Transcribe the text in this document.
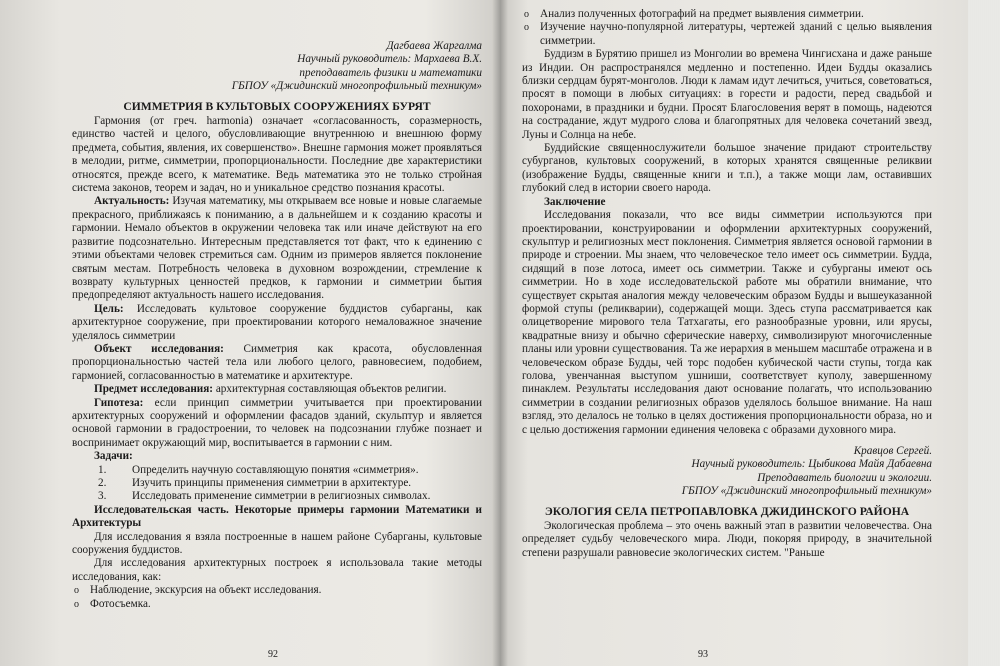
Дагбаева Жаргалма

Научный руководитель: Мархаева В.Х.

преподаватель физики и математики

ГБПОУ «Джидинский многопрофильный техникум»

СИММЕТРИЯ В КУЛЬТОВЫХ СООРУЖЕНИЯХ БУРЯТ

Гармония (от греч. harmonia) означает «согласованность, соразмерность, единство частей и целого, обусловливающие внутреннюю и внешнюю форму предмета, события, явления, их совершенство». Внешне гармония может проявляться в мелодии, ритме, симметрии, пропорциональности. Последние две характеристики относятся, прежде всего, к математике. Ведь математика это не только стройная система законов, теорем и задач, но и уникальное средство познания красоты.

Актуальность: Изучая математику, мы открываем все новые и новые слагаемые прекрасного, приближаясь к пониманию, а в дальнейшем и к созданию красоты и гармонии. Немало объектов в окружении человека так или иначе действуют на его развитие подсознательно. Интересным представляется тот факт, что к единению с этими объектами человек стремиться сам. Одним из примеров является поклонение святым местам. Потребность человека в духовном возрождении, стремление к возврату культурных ценностей предков, к гармонии и симметрии бытия предопределяют актуальность нашего исследования.

Цель: Исследовать культовое сооружение буддистов субарганы, как архитектурное сооружение, при проектировании которого немаловажное значение уделялось симметрии

Объект исследования: Симметрия как красота, обусловленная пропорциональностью частей тела или любого целого, равновесием, подобием, гармонией, согласованностью в математике и архитектуре.

Предмет исследования: архитектурная составляющая объектов религии.

Гипотеза: если принцип симметрии учитывается при проектировании архитектурных сооружений и оформлении фасадов зданий, скульптур и является основой гармонии в градостроении, то человек на подсознании глубже познает и воспринимает окружающий мир, воспитывается в гармонии с ним.

Задачи:

1. Определить научную составляющую понятия «симметрия».
2. Изучить принципы применения симметрии в архитектуре.
3. Исследовать применение симметрии в религиозных символах.

Исследовательская часть. Некоторые примеры гармонии Математики и Архитектуры

Для исследования я взяла построенные в нашем районе Субарганы, культовые сооружения буддистов.

Для исследования архитектурных построек я использовала такие методы исследования, как:

o Наблюдение, экскурсия на объект исследования.
o Фотосъемка.
92
o Анализ полученных фотографий на предмет выявления симметрии.
o Изучение научно-популярной литературы, чертежей зданий с целью выявления симметрии.

Буддизм в Бурятию пришел из Монголии во времена Чингисхана и даже раньше из Индии. Он распространялся медленно и постепенно. Идеи Будды оказались близки сердцам бурят-монголов. Люди к ламам идут лечиться, учиться, советоваться, просят в помощи в любых ситуациях: в горести и радости, перед свадьбой и похоронами, в праздники и будни. Просят Благословения верят в помощь, надеются на сострадание, ждут мудрого слова и благопрятных для человека сочетаний звезд, Луны и Солнца на небе.

Буддийские священнослужители большое значение придают строительству субурганов, культовых сооружений, в которых хранятся священные реликвии (изображение Будды, священные книги и т.п.), а также мощи лам, оставивших глубокий след в истории своего народа.

Заключение

Исследования показали, что все виды симметрии используются при проектировании, конструировании и оформлении архитектурных сооружений, скульптур и религиозных мест поклонения. Симметрия является основой гармонии в природе и строении. Мы знаем, что человеческое тело имеет ось симметрии. Будда, сидящий в позе лотоса, имеет ось симметрии. Также и субурганы имеют ось симметрии. Но в ходе исследовательской работе мы обратили внимание, что существует скрытая аналогия между человеческим образом Будды и вышеуказанной формой ступы (реликварии), содержащей мощи. Здесь ступа рассматривается как олицетворение мирового тела Татхагаты, его разнообразные уровни, или ярусы, квадратные внизу и обычно сферические наверху, символизируют многочисленные планы или уровни существования. Та же иерархия в меньшем масштабе отражена и в человеческом образе Будды, чей торс подобен кубической части ступы, тогда как голова, увенчанная выступом ушниши, соответствует куполу, завершенному пинаклем. Результаты исследования дают основание полагать, что использованию симметрии в создании религиозных образов уделялось большое внимание. На наш взгляд, это делалось не только в целях достижения пропорциональности образа, но и с целью достижения гармонии единения человека с образами духовного мира.

Кравцов Сергей.

Научный руководитель: Цыбикова Майя Дабаевна

Преподаватель биологии и экологии.

ГБПОУ «Джидинский многопрофильный техникум»

ЭКОЛОГИЯ СЕЛА ПЕТРОПАВЛОВКА ДЖИДИНСКОГО РАЙОНА

Экологическая проблема – это очень важный этап в развитии человечества. Она определяет судьбу человеческого мира. Люди, покоряя природу, в значительной степени разрушали равновесие экологических систем. "Раньше

93
